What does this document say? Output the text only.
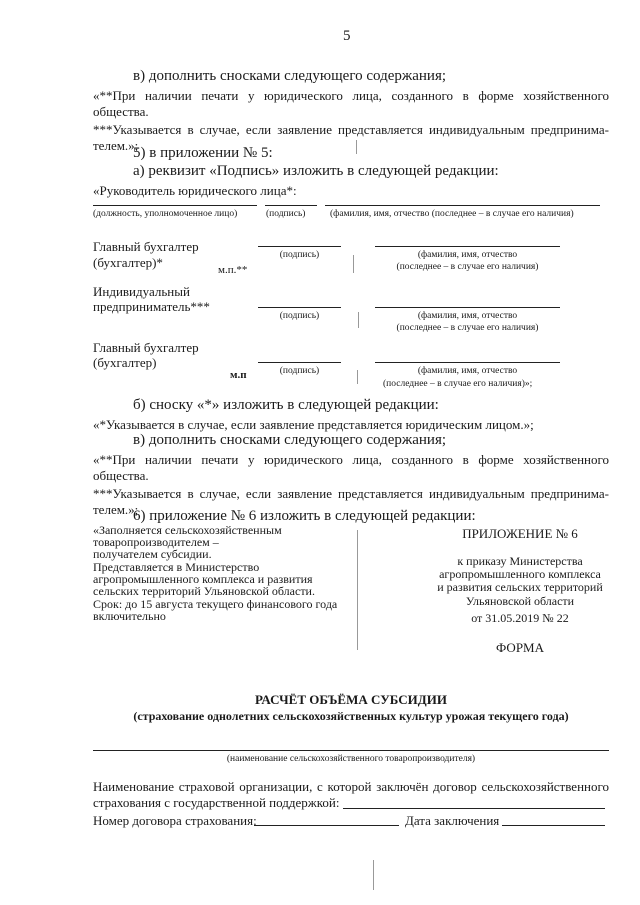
5
в) дополнить сносками следующего содержания;
«**При наличии печати у юридического лица, созданного в форме хозяйственного
общества.
***Указывается в случае, если заявление представляется индивидуальным предпринима-
телем.»;
5) в приложении № 5:
а) реквизит «Подпись» изложить в следующей редакции:
«Руководитель юридического лица*:
(должность, уполномоченное лицо)	(подпись)	(фамилия, имя, отчество (последнее – в случае его наличия)
Главный бухгалтер
(бухгалтер)*	(подпись)	(фамилия, имя, отчество
(последнее – в случае его наличия)
м.п.**
Индивидуальный
предприниматель***
(подпись)	(фамилия, имя, отчество
(последнее – в случае его наличия)
Главный бухгалтер
(бухгалтер)
(подпись)	(фамилия, имя, отчество
(последнее – в случае его наличия)»;
м.п
б) сноску «*» изложить в следующей редакции:
«*Указывается в случае, если заявление представляется юридическим лицом.»;
в) дополнить сносками следующего содержания;
«**При наличии печати у юридического лица, созданного в форме хозяйственного
общества.
***Указывается в случае, если заявление представляется индивидуальным предпринима-
телем.»;
6) приложение № 6 изложить в следующей редакции:
«Заполняется сельскохозяйственным
товаропроизводителем –
получателем субсидии.
Представляется в Министерство
агропромышленного комплекса и развития
сельских территорий Ульяновской области.
Срок: до 15 августа текущего финансового года
включительно
ПРИЛОЖЕНИЕ № 6
к приказу Министерства
агропромышленного комплекса
и развития сельских территорий
Ульяновской области
от 31.05.2019 № 22
ФОРМА
РАСЧЁТ ОБЪЁМА СУБСИДИИ
(страхование однолетних сельскохозяйственных культур урожая текущего года)
(наименование сельскохозяйственного товаропроизводителя)
Наименование страховой организации, с которой заключён договор сельскохозяйственного
страхования с государственной поддержкой:
Номер договора страхования:	Дата заключения
